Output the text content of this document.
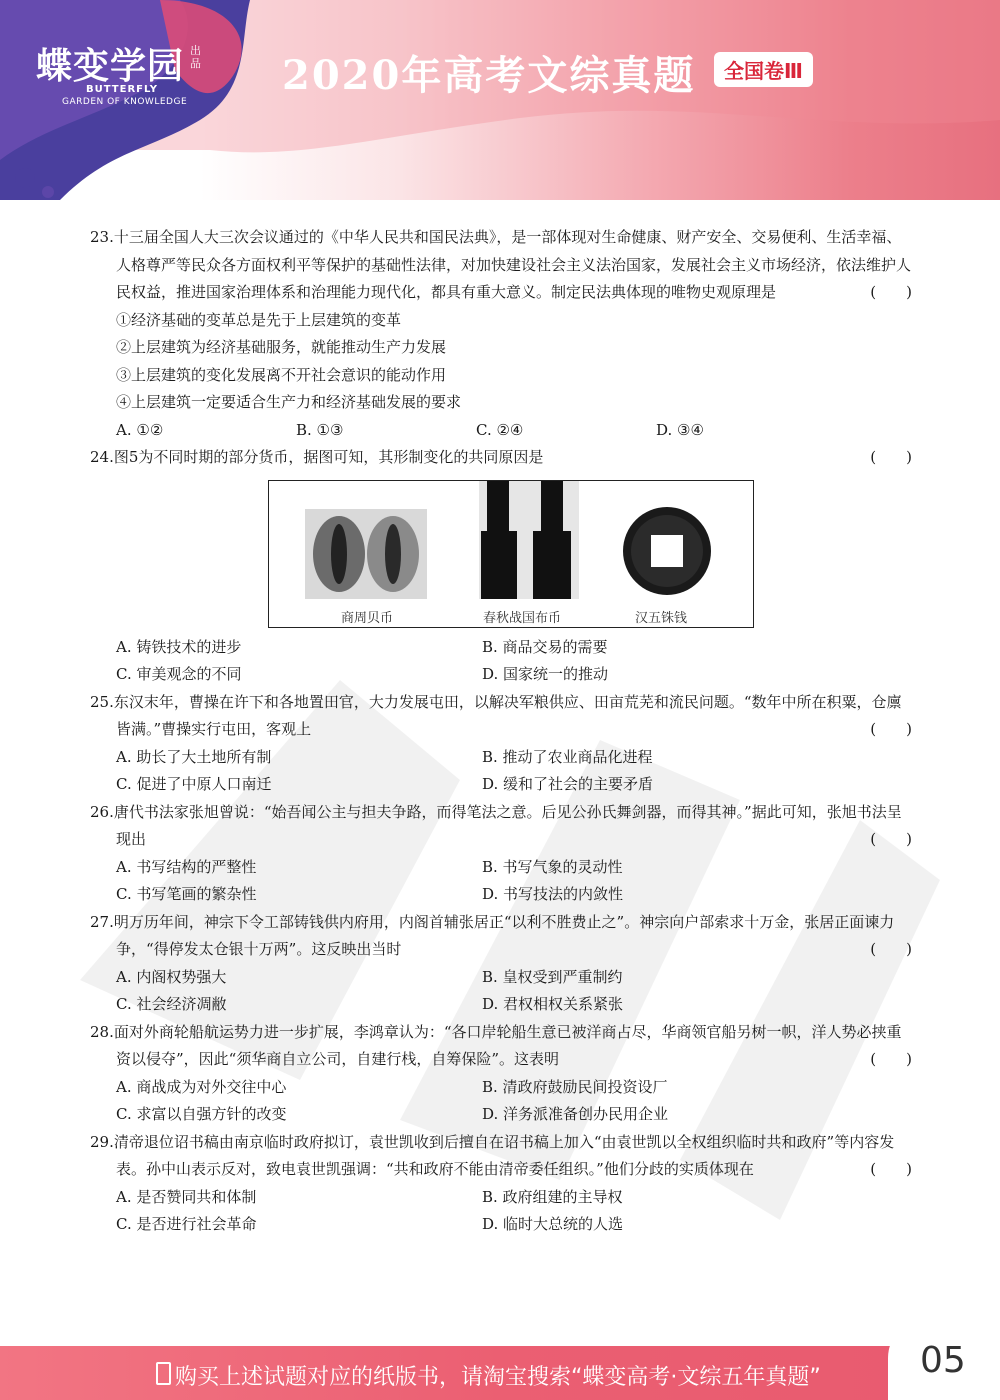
蝶变学园 出品
BUTTERFLY
GARDEN OF KNOWLEDGE
2020年高考文综真题	全国卷Ⅲ

23.十三届全国人大三次会议通过的《中华人民共和国民法典》，是一部体现对生命健康、财产安全、交易便利、生活幸福、人格尊严等民众各方面权利平等保护的基础性法律，对加快建设社会主义法治国家，发展社会主义市场经济，依法维护人民权益，推进国家治理体系和治理能力现代化，都具有重大意义。制定民法典体现的唯物史观原理是	(　　)

①经济基础的变革总是先于上层建筑的变革

②上层建筑为经济基础服务，就能推动生产力发展

③上层建筑的变化发展离不开社会意识的能动作用

④上层建筑一定要适合生产力和经济基础发展的要求

A. ①②	B. ①③	C. ②④	D. ③④

24.图5为不同时期的部分货币，据图可知，其形制变化的共同原因是	(　　)

商周贝币	春秋战国布币	汉五铢钱
A. 铸铁技术的进步	B. 商品交易的需要
C. 审美观念的不同	D. 国家统一的推动

25.东汉末年，曹操在许下和各地置田官，大力发展屯田，以解决军粮供应、田亩荒芜和流民问题。“数年中所在积粟，仓廪皆满。”曹操实行屯田，客观上	(　　)

A. 助长了大土地所有制	B. 推动了农业商品化进程
C. 促进了中原人口南迁	D. 缓和了社会的主要矛盾

26.唐代书法家张旭曾说：“始吾闻公主与担夫争路，而得笔法之意。后见公孙氏舞剑器，而得其神。”据此可知，张旭书法呈现出	(　　)

A. 书写结构的严整性	B. 书写气象的灵动性
C. 书写笔画的繁杂性	D. 书写技法的内敛性

27.明万历年间，神宗下令工部铸钱供内府用，内阁首辅张居正“以利不胜费止之”。神宗向户部索求十万金，张居正面谏力争，“得停发太仓银十万两”。这反映出当时	(　　)

A. 内阁权势强大	B. 皇权受到严重制约
C. 社会经济凋敝	D. 君权相权关系紧张

28.面对外商轮船航运势力进一步扩展，李鸿章认为：“各口岸轮船生意已被洋商占尽，华商领官船另树一帜，洋人势必挟重资以侵夺”，因此“须华商自立公司，自建行栈，自筹保险”。这表明	(　　)

A. 商战成为对外交往中心	B. 清政府鼓励民间投资设厂
C. 求富以自强方针的改变	D. 洋务派准备创办民用企业

29.清帝退位诏书稿由南京临时政府拟订，袁世凯收到后擅自在诏书稿上加入“由袁世凯以全权组织临时共和政府”等内容发表。孙中山表示反对，致电袁世凯强调：“共和政府不能由清帝委任组织。”他们分歧的实质体现在	(　　)

A. 是否赞同共和体制	B. 政府组建的主导权
C. 是否进行社会革命	D. 临时大总统的人选
购买上述试题对应的纸版书，请淘宝搜索“蝶变高考·文综五年真题”	05
